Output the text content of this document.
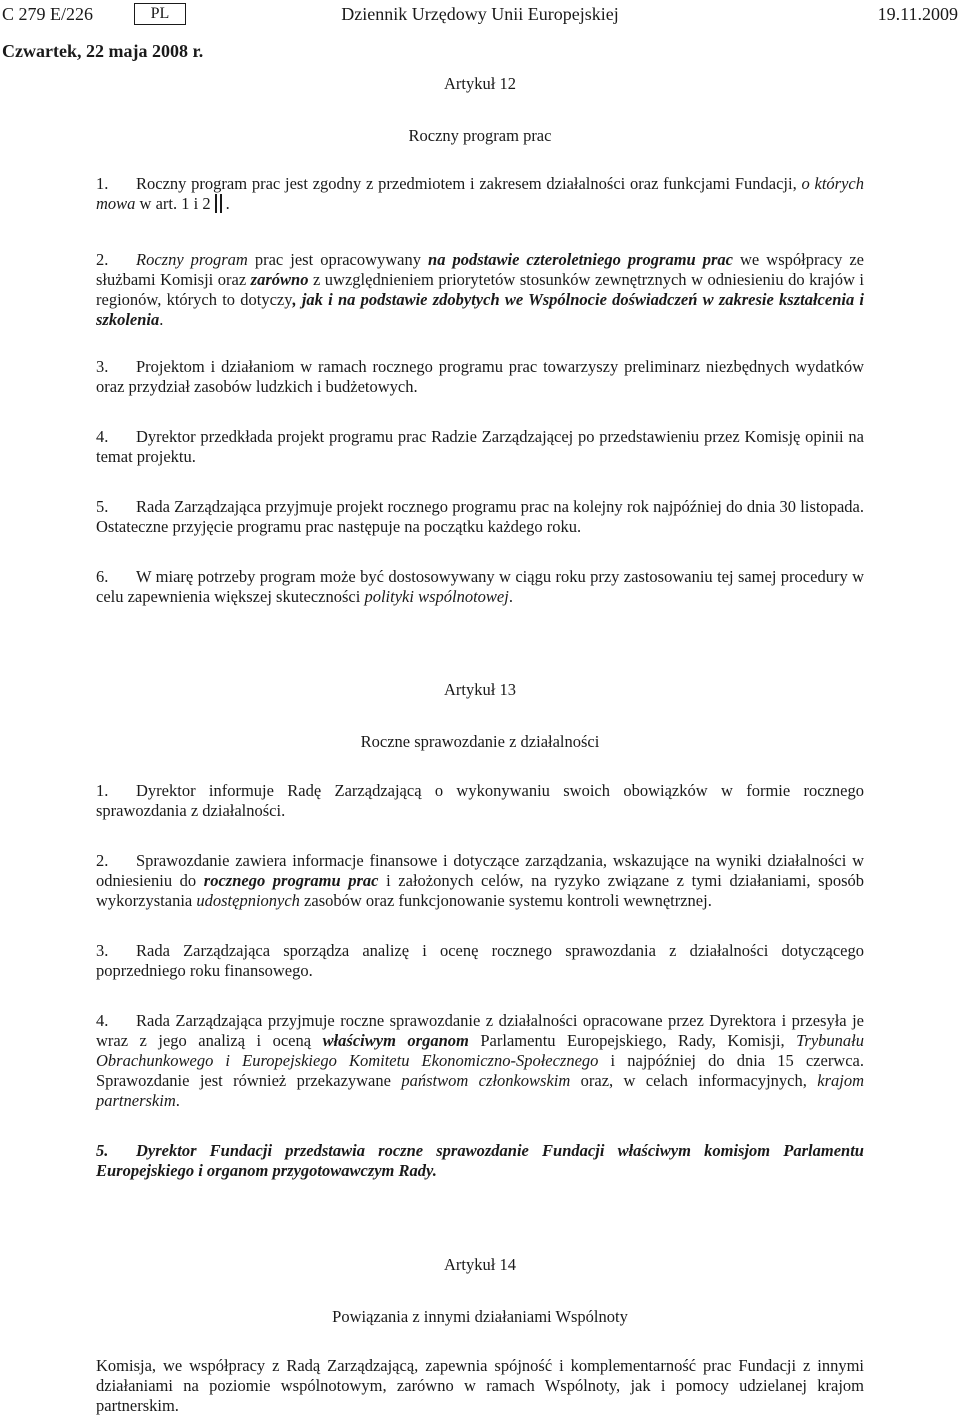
C 279 E/226	PL	Dziennik Urzędowy Unii Europejskiej	19.11.2009
Czwartek, 22 maja 2008 r.
Artykuł 12
Roczny program prac

1. Roczny program prac jest zgodny z przedmiotem i zakresem działalności oraz funkcjami Fundacji, o których mowa w art. 1 i 2 .

2. Roczny program prac jest opracowywany na podstawie czteroletniego programu prac we współpracy ze służbami Komisji oraz zarówno z uwzględnieniem priorytetów stosunków zewnętrznych w odniesieniu do krajów i regionów, których to dotyczy, jak i na podstawie zdobytych we Wspólnocie doświadczeń w zakresie kształcenia i szkolenia.

3. Projektom i działaniom w ramach rocznego programu prac towarzyszy preliminarz niezbędnych wydatków oraz przydział zasobów ludzkich i budżetowych.

4. Dyrektor przedkłada projekt programu prac Radzie Zarządzającej po przedstawieniu przez Komisję opinii na temat projektu.

5. Rada Zarządzająca przyjmuje projekt rocznego programu prac na kolejny rok najpóźniej do dnia 30 listopada. Ostateczne przyjęcie programu prac następuje na początku każdego roku.

6. W miarę potrzeby program może być dostosowywany w ciągu roku przy zastosowaniu tej samej procedury w celu zapewnienia większej skuteczności polityki wspólnotowej.

Artykuł 13
Roczne sprawozdanie z działalności

1. Dyrektor informuje Radę Zarządzającą o wykonywaniu swoich obowiązków w formie rocznego sprawozdania z działalności.

2. Sprawozdanie zawiera informacje finansowe i dotyczące zarządzania, wskazujące na wyniki działalności w odniesieniu do rocznego programu prac i założonych celów, na ryzyko związane z tymi działaniami, sposób wykorzystania udostępnionych zasobów oraz funkcjonowanie systemu kontroli wewnętrznej.

3. Rada Zarządzająca sporządza analizę i ocenę rocznego sprawozdania z działalności dotyczącego poprzedniego roku finansowego.

4. Rada Zarządzająca przyjmuje roczne sprawozdanie z działalności opracowane przez Dyrektora i przesyła je wraz z jego analizą i oceną właściwym organom Parlamentu Europejskiego, Rady, Komisji, Trybunału Obrachunkowego i Europejskiego Komitetu Ekonomiczno-Społecznego i najpóźniej do dnia 15 czerwca. Sprawozdanie jest również przekazywane państwom członkowskim oraz, w celach informacyjnych, krajom partnerskim.

5. Dyrektor Fundacji przedstawia roczne sprawozdanie Fundacji właściwym komisjom Parlamentu Europejskiego i organom przygotowawczym Rady.

Artykuł 14
Powiązania z innymi działaniami Wspólnoty

Komisja, we współpracy z Radą Zarządzającą, zapewnia spójność i komplementarność prac Fundacji z innymi działaniami na poziomie wspólnotowym, zarówno w ramach Wspólnoty, jak i pomocy udzielanej krajom partnerskim.
